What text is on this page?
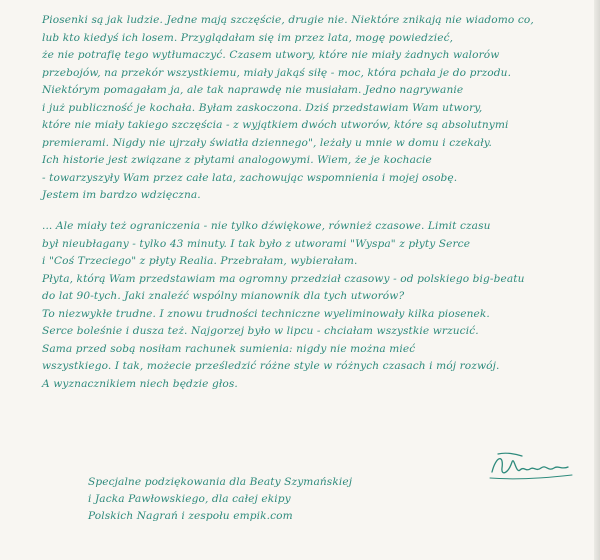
Piosenki są jak ludzie. Jedne mają szczęście, drugie nie. Niektóre znikają nie wiadomo co,
lub kto kiedyś ich losem. Przyglądałam się im przez lata, mogę powiedzieć,
że nie potrafię tego wytłumaczyć. Czasem utwory, które nie miały żadnych walorów
przebojów, na przekór wszystkiemu, miały jakąś siłę - moc, która pchała je do przodu.
Niektórym pomagałam ja, ale tak naprawdę nie musiałam. Jedno nagrywanie
i już publiczność je kochała. Byłam zaskoczona. Dziś przedstawiam Wam utwory,
które nie miały takiego szczęścia - z wyjątkiem dwóch utworów, które są absolutnymi
premierami. Nigdy nie ujrzały światła dziennego", leżały u mnie w domu i czekały.
Ich historie jest związane z płytami analogowymi. Wiem, że je kochacie
- towarzyszyły Wam przez całe lata, zachowując wspomnienia i mojej osobę.
Jestem im bardzo wdzięczna.
... Ale miały też ograniczenia - nie tylko dźwiękowe, również czasowe. Limit czasu
był nieubłagany - tylko 43 minuty. I tak było z utworami "Wyspa" z płyty Serce
i "Coś Trzeciego" z płyty Realia. Przebrałam, wybierałam.
Płyta, którą Wam przedstawiam ma ogromny przedział czasowy - od polskiego big-beatu
do lat 90-tych. Jaki znaleźć wspólny mianownik dla tych utworów?
To niezwykłe trudne. I znowu trudności techniczne wyeliminowały kilka piosenek.
Serce boleśnie i dusza też. Najgorzej było w lipcu - chciałam wszystkie wrzucić.
Sama przed sobą nosiłam rachunek sumienia: nigdy nie można mieć
wszystkiego. I tak, możecie prześledzić różne style w różnych czasach i mój rozwój.
A wyznacznikiem niech będzie głos.
Specjalne podziękowania dla Beaty Szymańskiej
i Jacka Pawłowskiego, dla całej ekipy
Polskich Nagrań i zespołu empik.com
